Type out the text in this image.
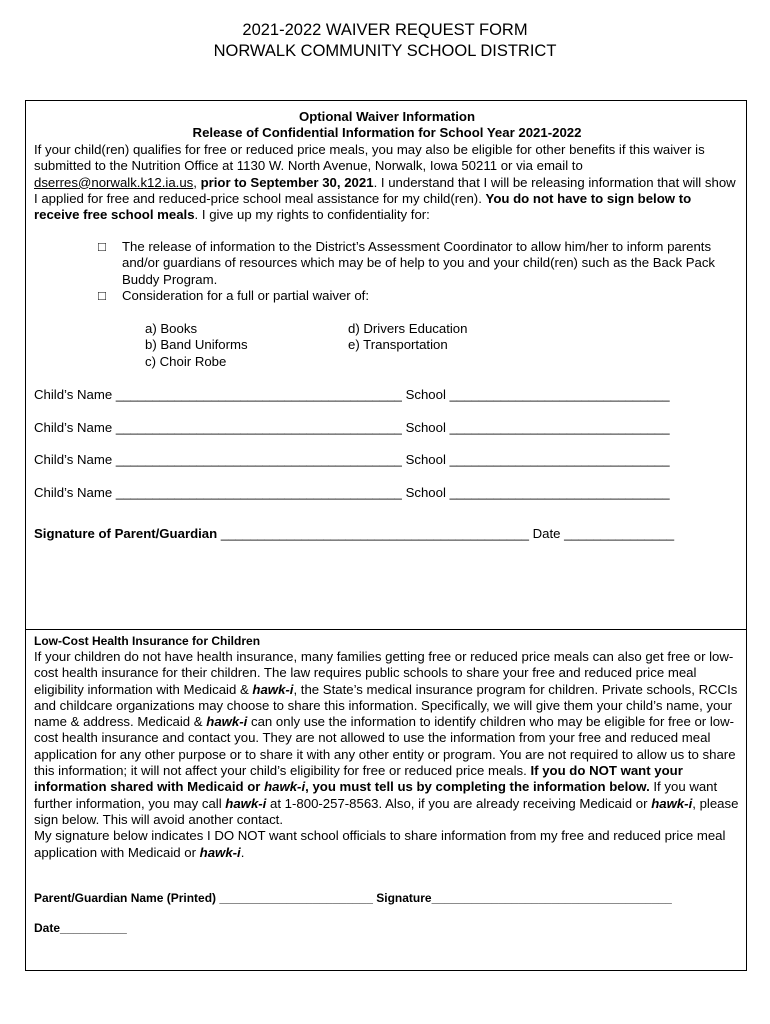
2021-2022 WAIVER REQUEST FORM
NORWALK COMMUNITY SCHOOL DISTRICT
Optional Waiver Information
Release of Confidential Information for School Year 2021-2022
If your child(ren) qualifies for free or reduced price meals, you may also be eligible for other benefits if this waiver is submitted to the Nutrition Office at 1130 W. North Avenue, Norwalk, Iowa 50211 or via email to dserres@norwalk.k12.ia.us, prior to September 30, 2021. I understand that I will be releasing information that will show I applied for free and reduced-price school meal assistance for my child(ren). You do not have to sign below to receive free school meals. I give up my rights to confidentiality for:
□ The release of information to the District’s Assessment Coordinator to allow him/her to inform parents and/or guardians of resources which may be of help to you and your child(ren) such as the Back Pack Buddy Program.
□ Consideration for a full or partial waiver of:
a) Books
b) Band Uniforms
c) Choir Robe
d) Drivers Education
e) Transportation
Child’s Name _______________________________________ School ______________________________
Child’s Name _______________________________________ School ______________________________
Child’s Name _______________________________________ School ______________________________
Child’s Name _______________________________________ School ______________________________
Signature of Parent/Guardian __________________________________________ Date _______________
Low-Cost Health Insurance for Children
If your children do not have health insurance, many families getting free or reduced price meals can also get free or low-cost health insurance for their children. The law requires public schools to share your free and reduced price meal eligibility information with Medicaid & hawk-i, the State’s medical insurance program for children. Private schools, RCCIs and childcare organizations may choose to share this information. Specifically, we will give them your child’s name, your name & address. Medicaid & hawk-i can only use the information to identify children who may be eligible for free or low-cost health insurance and contact you. They are not allowed to use the information from your free and reduced meal application for any other purpose or to share it with any other entity or program. You are not required to allow us to share this information; it will not affect your child’s eligibility for free or reduced price meals. If you do NOT want your information shared with Medicaid or hawk-i, you must tell us by completing the information below. If you want further information, you may call hawk-i at 1-800-257-8563. Also, if you are already receiving Medicaid or hawk-i, please sign below. This will avoid another contact.
My signature below indicates I DO NOT want school officials to share information from my free and reduced price meal application with Medicaid or hawk-i.
Parent/Guardian Name (Printed) _______________________ Signature____________________________________
Date__________
